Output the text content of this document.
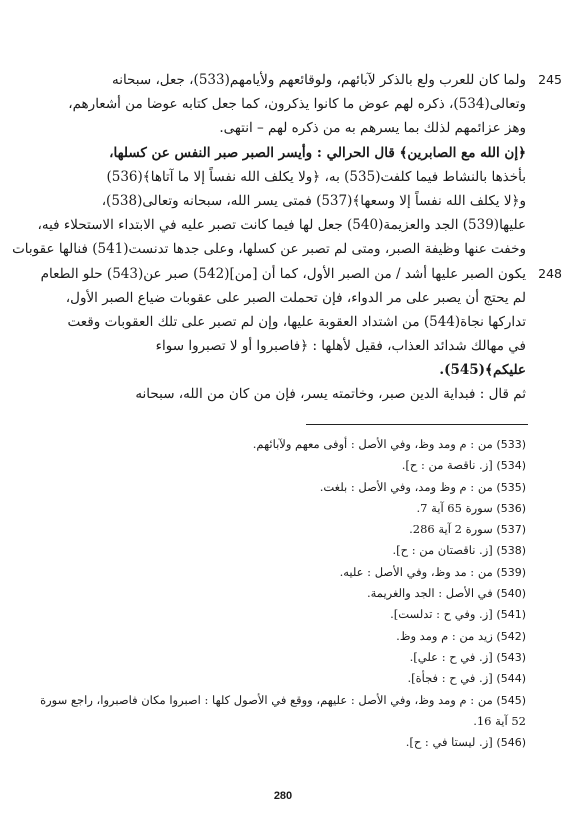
245
ولما كان للعرب ولع بالذكر لآبائهم، ولوقائعهم ولأيامهم(533)، جعل، سبحانه
وتعالى(534)، ذكره لهم عوض ما كانوا يذكرون، كما جعل كتابه عوضا من أشعارهم،
وهز عزائمهم لذلك بما يسرهم به من ذكره لهم – انتهى.
﴿إن الله مع الصابرين﴾ قال الحرالي : وأيسر الصبر صبر النفس عن كسلها،
بأخذها بالنشاط فيما كلفت(535) به، ﴿ولا يكلف الله نفساً إلا ما آتاها﴾(536)
و﴿لا يكلف الله نفساً إلا وسعها﴾(537) فمتى يسر الله، سبحانه وتعالى(538)،
عليها(539) الجد والعزيمة(540) جعل لها فيما كانت تصبر عليه في الابتداء الاستحلاء فيه،
وخفت عنها وظيفة الصبر، ومتى لم تصبر عن كسلها، وعلى جدها تدنست(541) فنالها عقوبات
248
يكون الصبر عليها أشد / من الصبر الأول، كما أن [من](542) صبر عن(543) حلو الطعام
لم يحتج أن يصبر على مر الدواء، فإن تحملت الصبر على عقوبات ضياع الصبر الأول،
تداركها نجاة(544) من اشتداد العقوبة عليها، وإن لم تصبر على تلك العقوبات وقعت
في مهالك شدائد العذاب، فقيل لأهلها : ﴿فاصبروا أو لا تصبروا سواء
عليكم﴾(545).
ثم قال : فبداية الدين صبر، وخاتمته يسر، فإن من كان من الله، سبحانه
(533) من : م ومد وظ، وفي الأصل : أوفى معهم ولآبائهم.
(534) [ز. ناقصة من : ح].
(535) من : م وظ ومد، وفي الأصل : بلغت.
(536) سورة 65 آية 7.
(537) سورة 2 آية 286.
(538) [ز. ناقصتان من : ح].
(539) من : مد وظ، وفي الأصل : عليه.
(540) في الأصل : الجد والغريمة.
(541) [ز. وفي ح : تدلست].
(542) زيد من : م ومد وظ.
(543) [ز. في ح : علي].
(544) [ز. في ح : فجأة].
(545) من : م ومد وظ، وفي الأصل : عليهم، ووقع في الأصول كلها : اصبروا مكان فاصبروا، راجع سورة 52 آية 16.
(546) [ز. ليستا في : ح].
280
